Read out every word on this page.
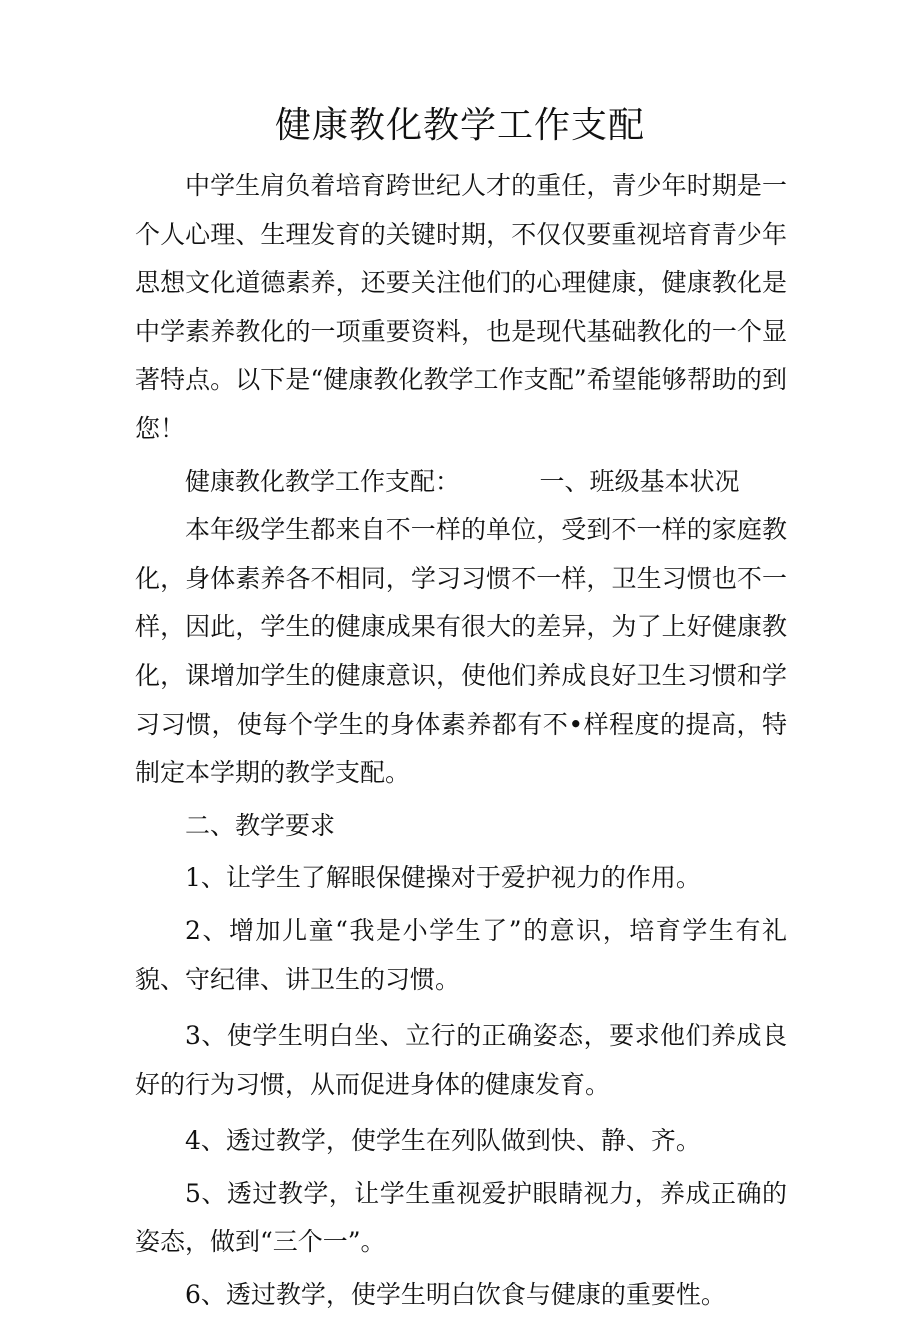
健康教化教学工作支配

中学生肩负着培育跨世纪人才的重任，青少年时期是一个人心理、生理发育的关键时期，不仅仅要重视培育青少年思想文化道德素养，还要关注他们的心理健康，健康教化是中学素养教化的一项重要资料，也是现代基础教化的一个显著特点。以下是“健康教化教学工作支配”希望能够帮助的到您！

健康教化教学工作支配：	一、班级基本状况

本年级学生都来自不一样的单位，受到不一样的家庭教化，身体素养各不相同，学习习惯不一样，卫生习惯也不一样，因此，学生的健康成果有很大的差异，为了上好健康教化，课增加学生的健康意识，使他们养成良好卫生习惯和学习习惯，使每个学生的身体素养都有不•样程度的提高，特制定本学期的教学支配。

二、教学要求

1、让学生了解眼保健操对于爱护视力的作用。

2、增加儿童“我是小学生了”的意识，培育学生有礼貌、守纪律、讲卫生的习惯。

3、使学生明白坐、立行的正确姿态，要求他们养成良好的行为习惯，从而促进身体的健康发育。

4、透过教学，使学生在列队做到快、静、齐。

5、透过教学，让学生重视爱护眼睛视力，养成正确的姿态，做到“三个一”。

6、透过教学，使学生明白饮食与健康的重要性。
